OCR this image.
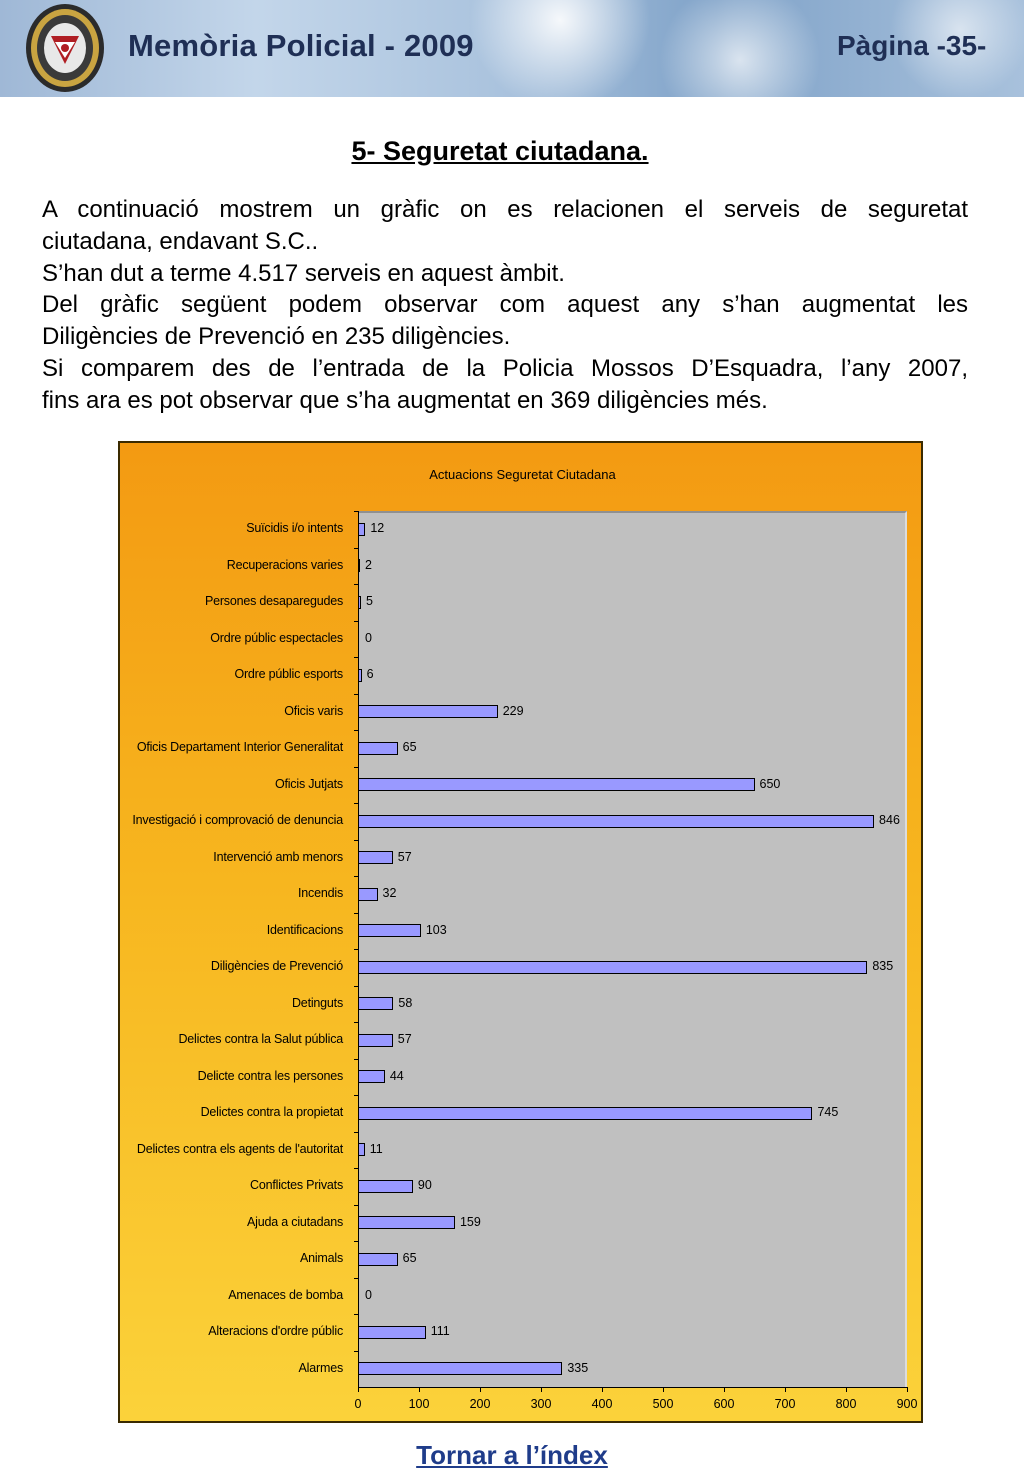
Memòria Policial - 2009	Pàgina -35-
5- Seguretat ciutadana.
A continuació mostrem un gràfic on es relacionen el serveis de seguretat
ciutadana, endavant S.C..
S’han dut a terme 4.517 serveis en aquest àmbit.
Del gràfic següent podem observar com aquest any s’han augmentat les
Diligències de Prevenció en 235 diligències.
Si comparem des de l’entrada de la Policia Mossos D’Esquadra, l’any 2007,
fins ara es pot observar que s’ha augmentat en 369 diligències més.
Actuacions Seguretat Ciutadana
Suïcidis i/o intents 12
Recuperacions varies 2
Persones desaparegudes 5
Ordre públic espectacles 0
Ordre públic esports 6
Oficis varis	229
Oficis Departament Interior Generalitat	65
Oficis Jutjats	650
Investigació i comprovació de denuncia	846
Intervenció amb menors	57
Incendis	32
Identificacions	103
Diligències de Prevenció	835
Detinguts	58
Delictes contra la Salut pública	57
Delicte contra les persones	44
Delictes contra la propietat	745
Delictes contra els agents de l'autoritat 11
Conflictes Privats	90
Ajuda a ciutadans	159
Animals	65
Amenaces de bomba 0
Alteracions d'ordre públic	111
Alarmes	335
0	100	200	300	400	500	600	700	800	900
Tornar a l’índex
